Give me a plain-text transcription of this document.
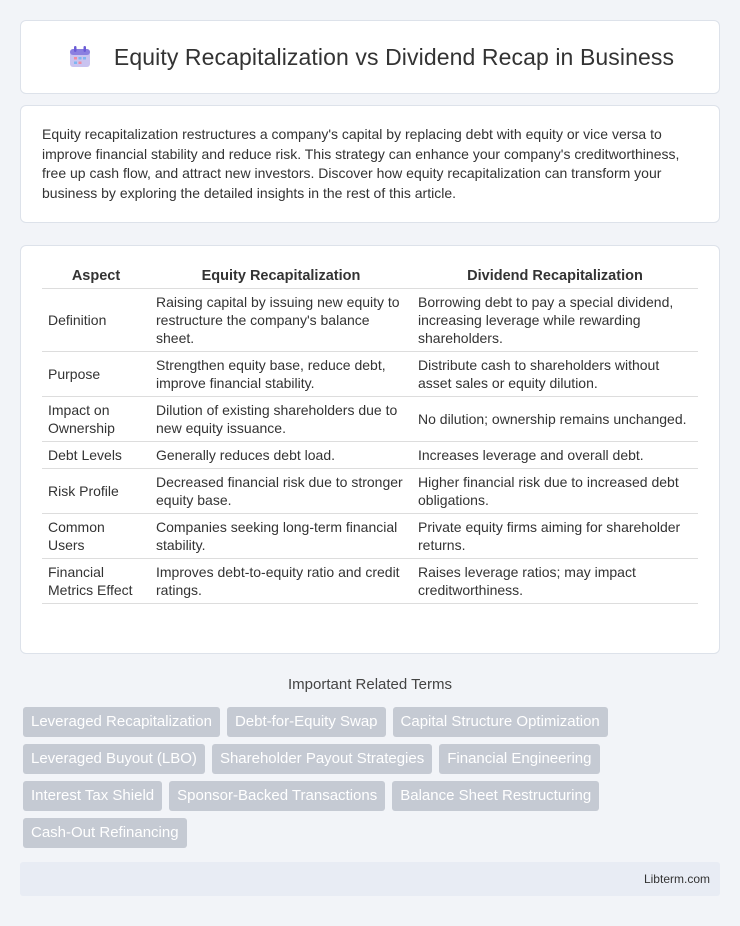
Equity Recapitalization vs Dividend Recap in Business

Equity recapitalization restructures a company's capital by replacing debt with equity or vice versa to improve financial stability and reduce risk. This strategy can enhance your company's creditworthiness, free up cash flow, and attract new investors. Discover how equity recapitalization can transform your business by exploring the detailed insights in the rest of this article.

Aspect	Equity Recapitalization	Dividend Recapitalization
Definition	Raising capital by issuing new equity to restructure the company's balance sheet.	Borrowing debt to pay a special dividend, increasing leverage while rewarding shareholders.
Purpose	Strengthen equity base, reduce debt, improve financial stability.	Distribute cash to shareholders without asset sales or equity dilution.
Impact on Ownership	Dilution of existing shareholders due to new equity issuance.	No dilution; ownership remains unchanged.
Debt Levels	Generally reduces debt load.	Increases leverage and overall debt.
Risk Profile	Decreased financial risk due to stronger equity base.	Higher financial risk due to increased debt obligations.
Common Users	Companies seeking long-term financial stability.	Private equity firms aiming for shareholder returns.
Financial Metrics Effect	Improves debt-to-equity ratio and credit ratings.	Raises leverage ratios; may impact creditworthiness.
Important Related Terms
Leveraged Recapitalization	Debt-for-Equity Swap	Capital Structure Optimization
Leveraged Buyout (LBO)	Shareholder Payout Strategies	Financial Engineering
Interest Tax Shield	Sponsor-Backed Transactions	Balance Sheet Restructuring
Cash-Out Refinancing
Libterm.com
